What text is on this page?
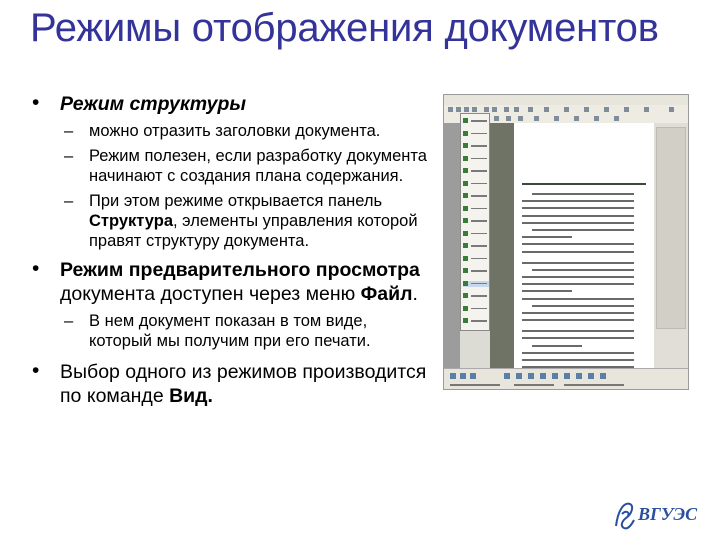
Режимы отображения документов
• Режим структуры
– можно отразить заголовки документа.
– Режим полезен, если разработку документа начинают с создания плана содержания.
– При этом режиме открывается панель Структура, элементы управления которой правят структуру документа.
• Режим предварительного просмотра документа доступен через меню Файл.
– В нем документ показан в том виде, который мы получим при его печати.
• Выбор одного из режимов производится по команде Вид.
ВГУЭС
